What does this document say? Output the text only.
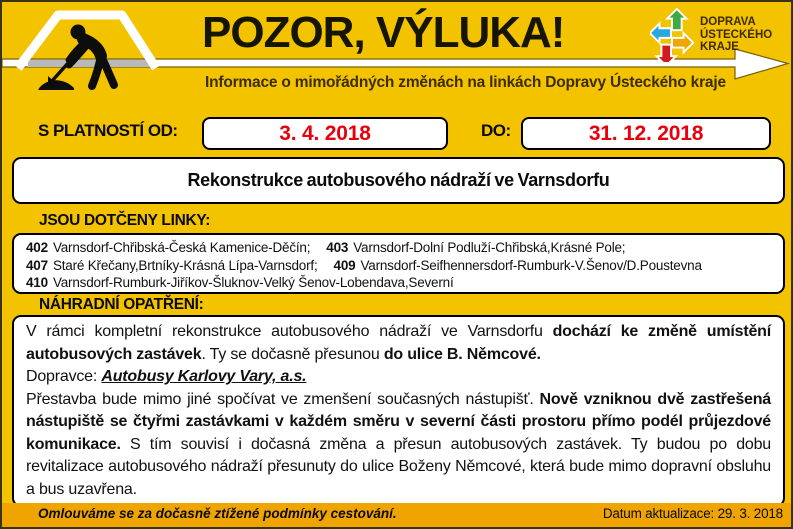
POZOR, VÝLUKA!
Informace o mimořádných změnách na linkách Dopravy Ústeckého kraje
DOPRAVA
ÚSTECKÉHO
KRAJE
S PLATNOSTÍ OD:	3. 4. 2018	DO:	31. 12. 2018
Rekonstrukce autobusového nádraží ve Varnsdorfu
JSOU DOTČENY LINKY:
402 Varnsdorf-Chřibská-Česká Kamenice-Děčín; 403 Varnsdorf-Dolní Podluží-Chřibská,Krásné Pole;
407 Staré Křečany,Brtníky-Krásná Lípa-Varnsdorf; 409 Varnsdorf-Seifhennersdorf-Rumburk-V.Šenov/D.Poustevna
410 Varnsdorf-Rumburk-Jiříkov-Šluknov-Velký Šenov-Lobendava,Severní
NÁHRADNÍ OPATŘENÍ:

V rámci kompletní rekonstrukce autobusového nádraží ve Varnsdorfu dochází ke změně umístění autobusových zastávek. Ty se dočasně přesunou do ulice B. Němcové.

Dopravce: Autobusy Karlovy Vary, a.s.

Přestavba bude mimo jiné spočívat ve zmenšení současných nástupišť. Nově vzniknou dvě zastřešená nástupiště se čtyřmi zastávkami v každém směru v severní části prostoru přímo podél průjezdové komunikace. S tím souvisí i dočasná změna a přesun autobusových zastávek. Ty budou po dobu revitalizace autobusového nádraží přesunuty do ulice Boženy Němcové, která bude mimo dopravní obsluhu a bus uzavřena.

Omlouváme se za dočasně ztížené podmínky cestování.	Datum aktualizace: 29. 3. 2018
